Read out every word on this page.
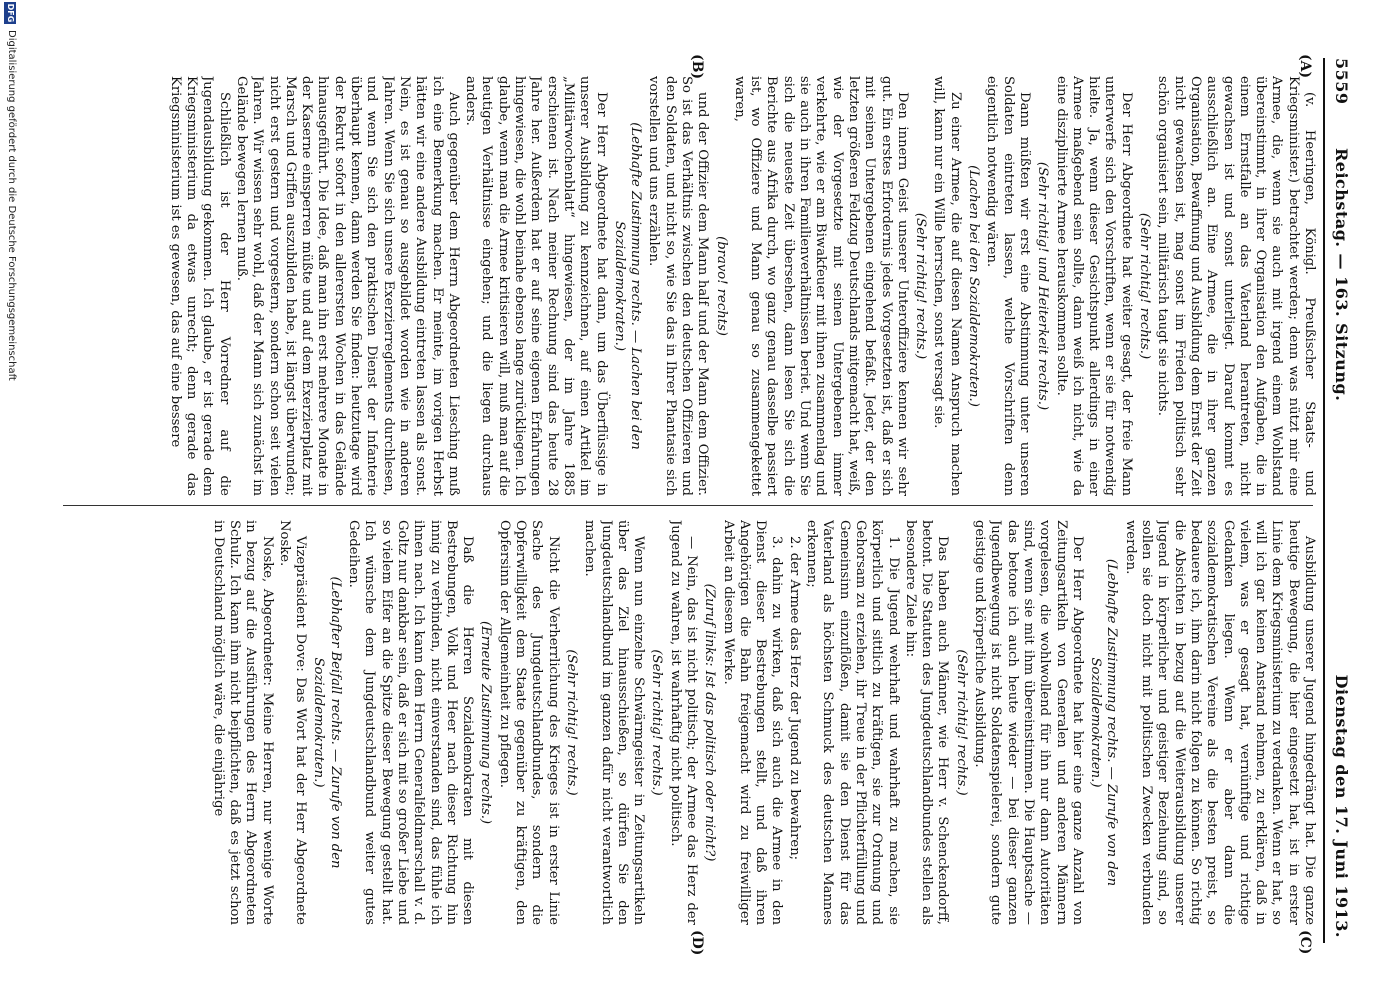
5559
Reichstag. — 163. Sitzung.
Dienstag den 17. Juni 1913.
(A)
(B)
(C)
(D)

(v. Heeringen, Königl. Preußischer Staats- und Kriegsminister.) betrachtet werden; denn was nützt mir eine Armee, die, wenn sie auch mit irgend einem Wohlstand übereinstimmt, in ihrer Organisation den Aufgaben, die in einem Ernstfalle an das Vaterland herantreten, nicht gewachsen ist und sonst unterliegt. Darauf kommt es ausschließlich an. Eine Armee, die in ihrer ganzen Organisation, Bewaffnung und Ausbildung dem Ernst der Zeit nicht gewachsen ist, mag sonst im Frieden politisch sehr schön organisiert sein, militärisch taugt sie nichts.

(Sehr richtig! rechts.)

Der Herr Abgeordnete hat weiter gesagt, der freie Mann unterwerfe sich den Vorschriften, wenn er sie für notwendig hielte. Ja, wenn dieser Gesichtspunkt allerdings in einer Armee maßgebend sein sollte, dann weiß ich nicht, wie da eine disziplinierte Armee herauskommen sollte.

(Sehr richtig! und Heiterkeit rechts.)

Dann müßten wir erst eine Abstimmung unter unseren Soldaten eintreten lassen, welche Vorschriften denn eigentlich notwendig wären.

(Lachen bei den Sozialdemokraten.)

Zu einer Armee, die auf diesen Namen Anspruch machen will, kann nur ein Wille herrschen, sonst versagt sie.

(Sehr richtig! rechts.)

Den innern Geist unserer Unteroffiziere kennen wir sehr gut. Ein erstes Erfordernis jedes Vorgesetzten ist, daß er sich mit seinen Untergebenen eingehend befaßt. Jeder, der den letzten größeren Feldzug Deutschlands mitgemacht hat, weiß, wie der Vorgesetzte mit seinen Untergebenen immer verkehrte, wie er am Biwakfeuer mit ihnen zusammenlag und sie auch in ihren Familienverhältnissen beriet. Und wenn Sie sich die neueste Zeit übersehen, dann lesen Sie sich die Berichte aus Afrika durch, wo ganz genau dasselbe passiert ist, wo Offiziere und Mann genau so zusammengekettet waren,

(bravo! rechts)

und der Offizier dem Mann half und der Mann dem Offizier. So ist das Verhältnis zwischen den deutschen Offizieren und den Soldaten, und nicht so, wie Sie das in Ihrer Phantasie sich vorstellen und uns erzählen.

(Lebhafte Zustimmung rechts. — Lachen bei den Sozialdemokraten.)

Der Herr Abgeordnete hat dann, um das Überflüssige in unserer Ausbildung zu kennzeichnen, auf einen Artikel im „Militärwochenblatt“ hingewiesen, der im Jahre 1885 erschienen ist. Nach meiner Rechnung sind das heute 28 Jahre her. Außerdem hat er auf seine eigenen Erfahrungen hingewiesen, die wohl beinahe ebenso lange zurückliegen. Ich glaube, wenn man die Armee kritisieren will, muß man auf die heutigen Verhältnisse eingehen; und die liegen durchaus anders.

Auch gegenüber dem Herrn Abgeordneten Liesching muß ich eine Bemerkung machen. Er meinte, im vorigen Herbst hätten wir eine andere Ausbildung eintreten lassen als sonst. Nein, es ist genau so ausgebildet worden wie in anderen Jahren. Wenn Sie sich unsere Exerzierreglements durchlesen, und wenn Sie sich den praktischen Dienst der Infanterie überhaupt kennen, dann werden Sie finden: heutzutage wird der Rekrut sofort in den allerersten Wochen in das Gelände hinausgeführt. Die Idee, daß man ihn erst mehrere Monate in der Kaserne einsperren müßte und auf dem Exerzierplatz mit Marsch und Griffen auszubilden habe, ist längst überwunden; nicht erst gestern und vorgestern, sondern schon seit vielen Jahren. Wir wissen sehr wohl, daß der Mann sich zunächst im Gelände bewegen lernen muß.

Schließlich ist der Herr Vorredner auf die Jugendausbildung gekommen. Ich glaube, er ist gerade dem Kriegsministerium da etwas unrecht; denn gerade das Kriegsministerium ist es gewesen, das auf eine bessere

Ausbildung unserer Jugend hingedrängt hat. Die ganze heutige Bewegung, die hier eingesetzt hat, ist in erster Linie dem Kriegsministerium zu verdanken. Wenn er hat, so will ich gar keinen Anstand nehmen, zu erklären, daß in vielem, was er gesagt hat, vernünftige und richtige Gedanken liegen. Wenn er aber dann die sozialdemokratischen Vereine als die besten preist, so bedauere ich, ihm darin nicht folgen zu können. So richtig die Absichten in bezug auf die Weiterausbildung unserer Jugend in körperlicher und geistiger Beziehung sind, so sollen sie doch nicht mit politischen Zwecken verbunden werden.

(Lebhafte Zustimmung rechts. — Zurufe von den Sozialdemokraten.)

Der Herr Abgeordnete hat hier eine ganze Anzahl von Zeitungsartikeln von Generalen und anderen Männern vorgelesen, die wohlwollend für ihn nur dann Autoritäten sind, wenn sie mit ihm übereinstimmen. Die Hauptsache — das betone ich auch heute wieder — bei dieser ganzen Jugendbewegung ist nicht Soldatenspielerei, sondern gute geistige und körperliche Ausbildung.

(Sehr richtig! rechts.)

Das haben auch Männer, wie Herr v. Schenckendorff, betont. Die Statuten des Jungdeutschlandbundes stellen als besondere Ziele hin:

1. Die Jugend wehrhaft und wahrhaft zu machen, sie körperlich und sittlich zu kräftigen, sie zur Ordnung und Gehorsam zu erziehen, ihr Treue in der Pflichterfüllung und Gemeinsinn einzuflößen, damit sie den Dienst für das Vaterland als höchsten Schmuck des deutschen Mannes erkennen;

2. der Armee das Herz der Jugend zu bewahren;

3. dahin zu wirken, daß sich auch die Armee in den Dienst dieser Bestrebungen stellt, und daß ihren Angehörigen die Bahn freigemacht wird zu freiwilliger Arbeit an diesem Werke.

(Zuruf links: Ist das politisch oder nicht?)

— Nein, das ist nicht politisch; der Armee das Herz der Jugend zu wahren, ist wahrhaftig nicht politisch.

(Sehr richtig! rechts.)

Wenn nun einzelne Schwärmgeister in Zeitungsartikeln über das Ziel hinausschießen, so dürfen Sie den Jungdeutschlandbund im ganzen dafür nicht verantwortlich machen.

(Sehr richtig! rechts.)

Nicht die Verherrlichung des Krieges ist in erster Linie Sache des Jungdeutschlandbundes, sondern die Opferwilligkeit dem Staate gegenüber zu kräftigen, den Opfersinn der Allgemeinheit zu pflegen.

(Erneute Zustimmung rechts.)

Daß die Herren Sozialdemokraten mit diesen Bestrebungen, Volk und Heer nach dieser Richtung hin innig zu verbinden, nicht einverstanden sind, das fühle ich ihnen nach. Ich kann dem Herrn Generalfeldmarschall v. d. Goltz nur dankbar sein, daß er sich mit so großer Liebe und so vielem Eifer an die Spitze dieser Bewegung gestellt hat. Ich wünsche dem Jungdeutschlandbund weiter gutes Gedeihen.

(Lebhafter Beifall rechts. — Zurufe von den Sozialdemokraten.)

Vizepräsident Dove: Das Wort hat der Herr Abgeordnete Noske.

Noske, Abgeordneter: Meine Herren, nur wenige Worte in bezug auf die Ausführungen des Herrn Abgeordneten Schulz. Ich kann ihm nicht beipflichten, daß es jetzt schon in Deutschland möglich wäre, die einjährige

DFG
Digitalisierung gefördert durch die Deutsche Forschungsgemeinschaft
